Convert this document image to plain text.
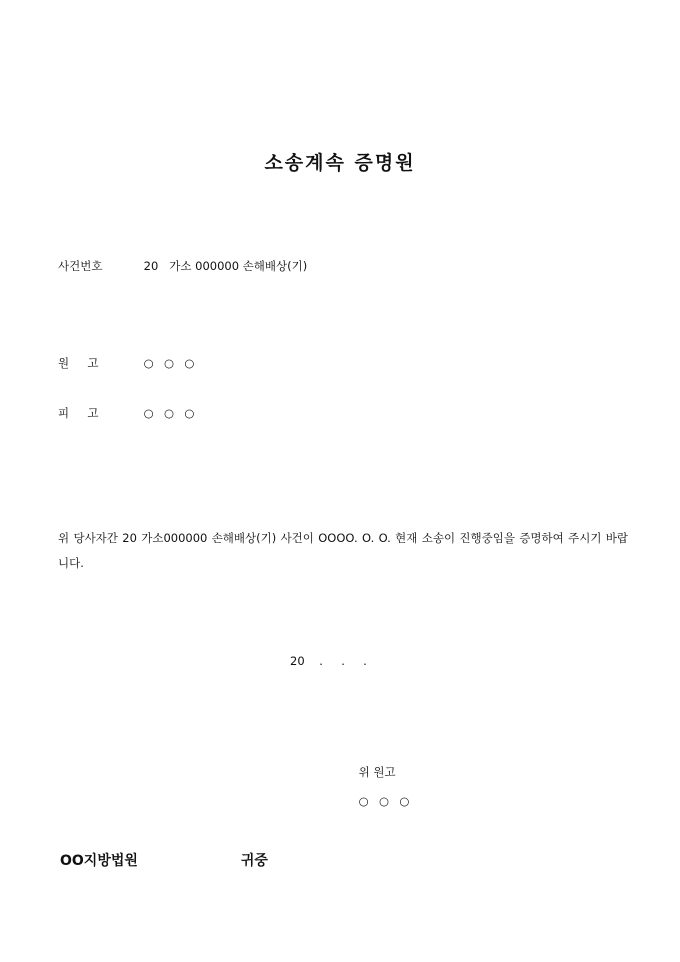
소송계속 증명원
사건번호	20   가소 000000 손해배상(기)
원     고	○  ○  ○
피     고	○  ○  ○
위 당사자간 20 가소000000 손해배상(기) 사건이 OOOO. O. O. 현재 소송이 진행중임을 증명하여 주시기 바랍니다.
20    .     .     .

위 원고

○  ○  ○

OO지방법원	귀중
